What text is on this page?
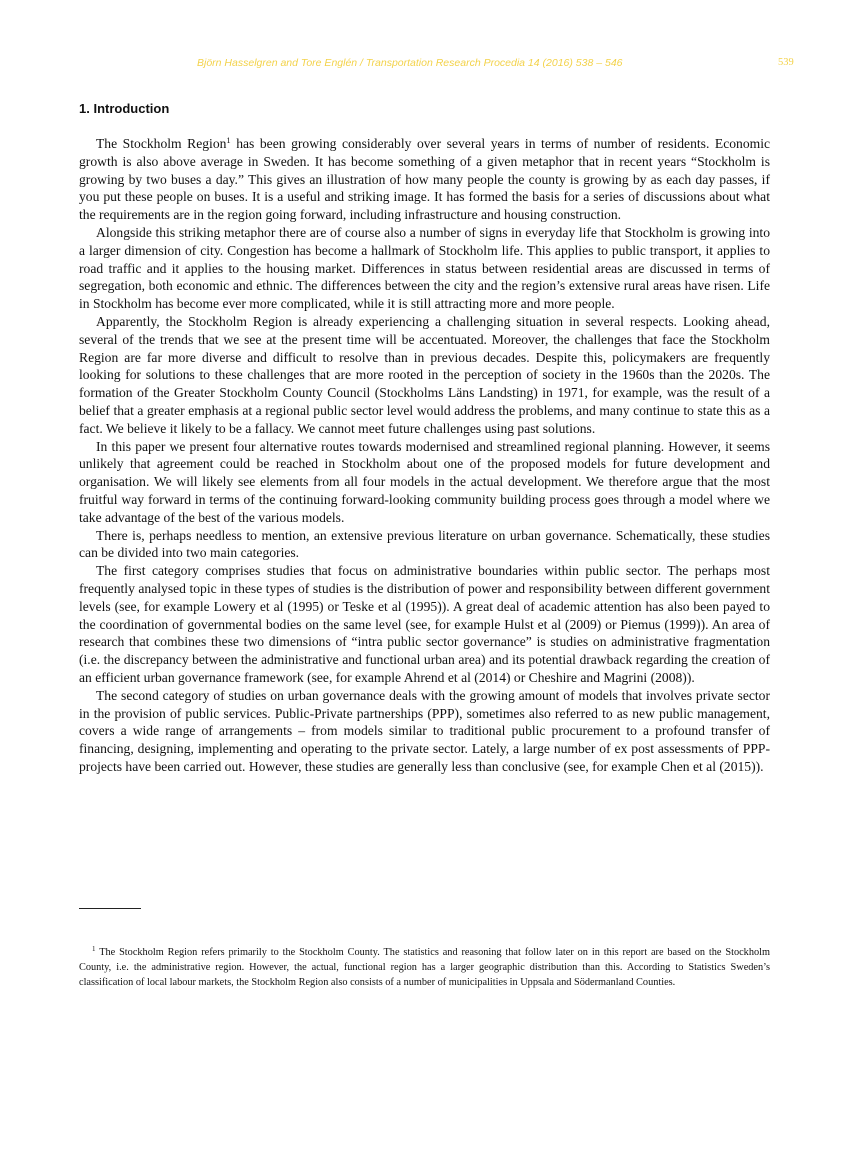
Björn Hasselgren and Tore Englén / Transportation Research Procedia 14 (2016) 538 – 546	539
1. Introduction

The Stockholm Region$^1$ has been growing considerably over several years in terms of number of residents. Economic growth is also above average in Sweden. It has become something of a given metaphor that in recent years “Stockholm is growing by two buses a day.” This gives an illustration of how many people the county is growing by as each day passes, if you put these people on buses. It is a useful and striking image. It has formed the basis for a series of discussions about what the requirements are in the region going forward, including infrastructure and housing construction.

Alongside this striking metaphor there are of course also a number of signs in everyday life that Stockholm is growing into a larger dimension of city. Congestion has become a hallmark of Stockholm life. This applies to public transport, it applies to road traffic and it applies to the housing market. Differences in status between residential areas are discussed in terms of segregation, both economic and ethnic. The differences between the city and the region’s extensive rural areas have risen. Life in Stockholm has become ever more complicated, while it is still attracting more and more people.

Apparently, the Stockholm Region is already experiencing a challenging situation in several respects. Looking ahead, several of the trends that we see at the present time will be accentuated. Moreover, the challenges that face the Stockholm Region are far more diverse and difficult to resolve than in previous decades. Despite this, policymakers are frequently looking for solutions to these challenges that are more rooted in the perception of society in the 1960s than the 2020s. The formation of the Greater Stockholm County Council (Stockholms Läns Landsting) in 1971, for example, was the result of a belief that a greater emphasis at a regional public sector level would address the problems, and many continue to state this as a fact. We believe it likely to be a fallacy. We cannot meet future challenges using past solutions.

In this paper we present four alternative routes towards modernised and streamlined regional planning. However, it seems unlikely that agreement could be reached in Stockholm about one of the proposed models for future development and organisation. We will likely see elements from all four models in the actual development. We therefore argue that the most fruitful way forward in terms of the continuing forward-looking community building process goes through a model where we take advantage of the best of the various models.

There is, perhaps needless to mention, an extensive previous literature on urban governance. Schematically, these studies can be divided into two main categories.

The first category comprises studies that focus on administrative boundaries within public sector. The perhaps most frequently analysed topic in these types of studies is the distribution of power and responsibility between different government levels (see, for example Lowery et al (1995) or Teske et al (1995)). A great deal of academic attention has also been payed to the coordination of governmental bodies on the same level (see, for example Hulst et al (2009) or Piemus (1999)). An area of research that combines these two dimensions of “intra public sector governance” is studies on administrative fragmentation (i.e. the discrepancy between the administrative and functional urban area) and its potential drawback regarding the creation of an efficient urban governance framework (see, for example Ahrend et al (2014) or Cheshire and Magrini (2008)).

The second category of studies on urban governance deals with the growing amount of models that involves private sector in the provision of public services. Public-Private partnerships (PPP), sometimes also referred to as new public management, covers a wide range of arrangements – from models similar to traditional public procurement to a profound transfer of financing, designing, implementing and operating to the private sector. Lately, a large number of ex post assessments of PPP-projects have been carried out. However, these studies are generally less than conclusive (see, for example Chen et al (2015)).

$^1$ The Stockholm Region refers primarily to the Stockholm County. The statistics and reasoning that follow later on in this report are based on the Stockholm County, i.e. the administrative region. However, the actual, functional region has a larger geographic distribution than this. According to Statistics Sweden’s classification of local labour markets, the Stockholm Region also consists of a number of municipalities in Uppsala and Södermanland Counties.
